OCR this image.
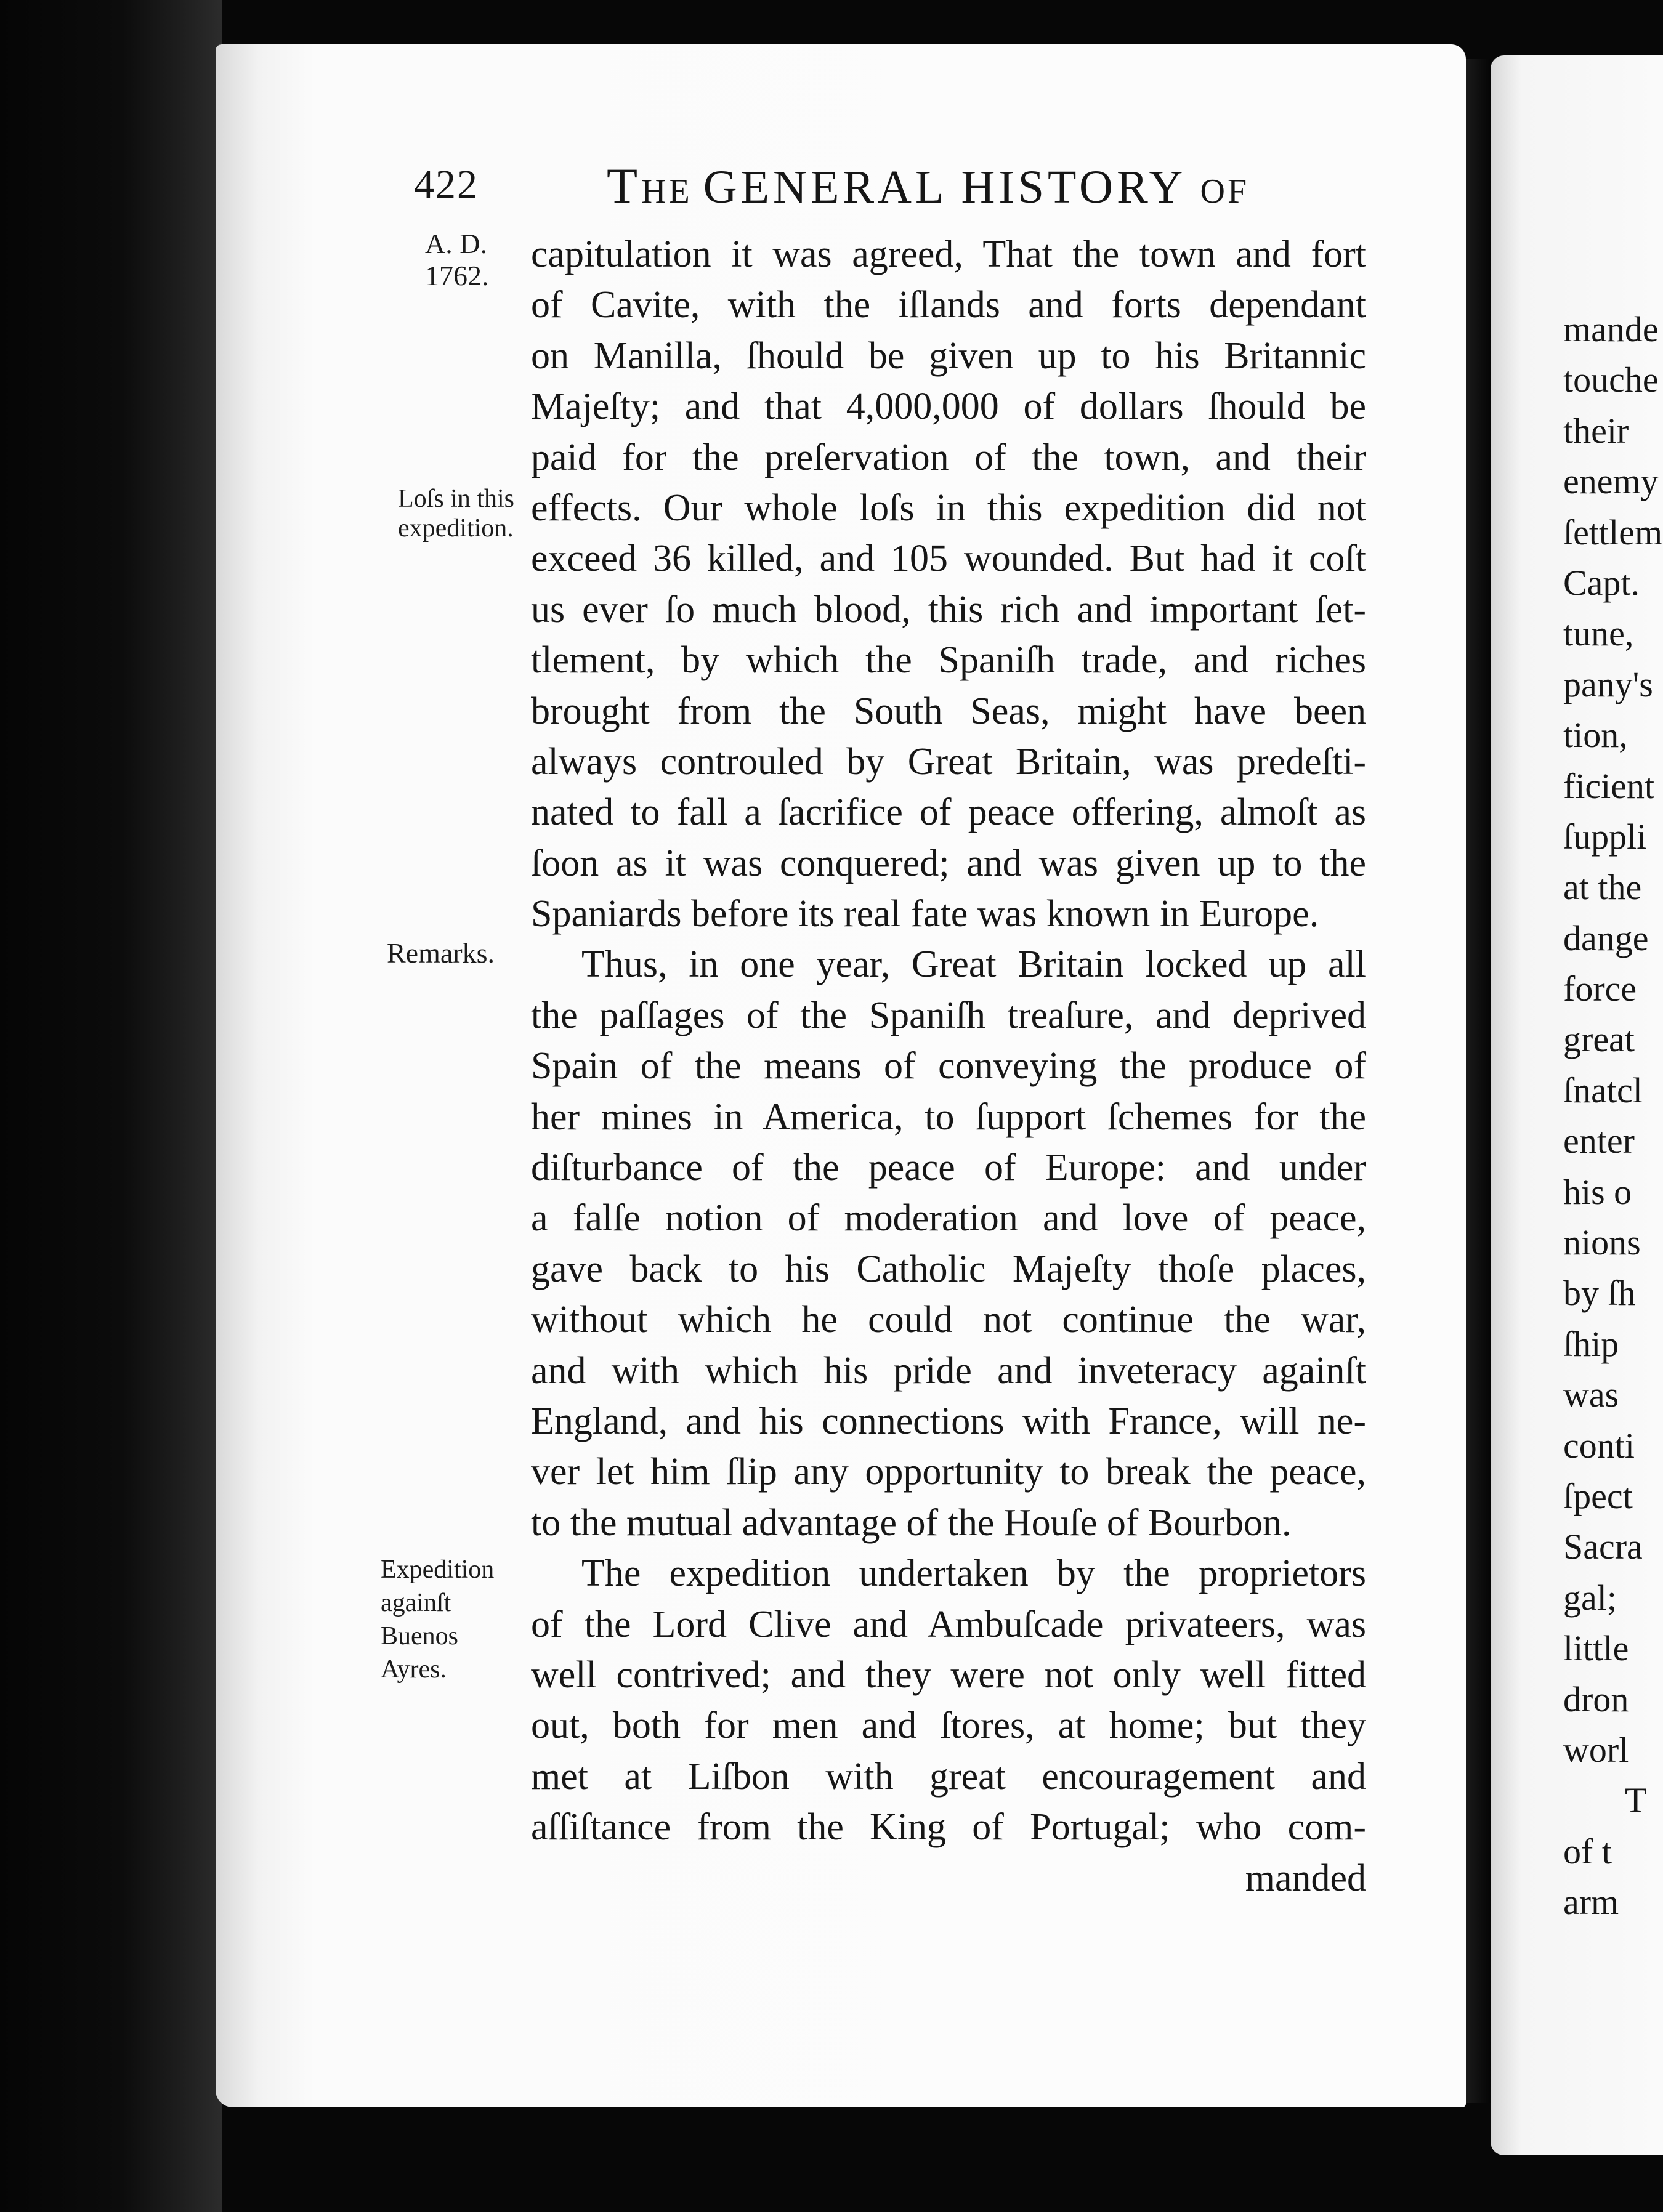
mande
touche
their
enemy
ſettlem
Capt.
tune,
pany's
tion,
ficient
ſuppli
at the
dange
force
great
ſnatcl
enter
his o
nions
by ſh
ſhip
was
conti
ſpect
Sacra
gal;
little
dron
worl
T
of t
arm
422	THE GENERAL HISTORY OF
A. D.
1762.
Loſs in this
expedition.
Remarks.
Expedition
againſt
Buenos
Ayres.
capitulation it was agreed, That the town and fort
of Cavite, with the iſlands and forts dependant
on Manilla, ſhould be given up to his Britannic
Majeſty; and that 4,000,000 of dollars ſhould be
paid for the preſervation of the town, and their
effects. Our whole loſs in this expedition did not
exceed 36 killed, and 105 wounded. But had it coſt
us ever ſo much blood, this rich and important ſet-
tlement, by which the Spaniſh trade, and riches
brought from the South Seas, might have been
always controuled by Great Britain, was predeſti-
nated to fall a ſacrifice of peace offering, almoſt as
ſoon as it was conquered; and was given up to the
Spaniards before its real fate was known in Europe.
Thus, in one year, Great Britain locked up all
the paſſages of the Spaniſh treaſure, and deprived
Spain of the means of conveying the produce of
her mines in America, to ſupport ſchemes for the
diſturbance of the peace of Europe: and under
a falſe notion of moderation and love of peace,
gave back to his Catholic Majeſty thoſe places,
without which he could not continue the war,
and with which his pride and inveteracy againſt
England, and his connections with France, will ne-
ver let him ſlip any opportunity to break the peace,
to the mutual advantage of the Houſe of Bourbon.
The expedition undertaken by the proprietors
of the Lord Clive and Ambuſcade privateers, was
well contrived; and they were not only well fitted
out, both for men and ſtores, at home; but they
met at Liſbon with great encouragement and
aſſiſtance from the King of Portugal; who com-
manded
